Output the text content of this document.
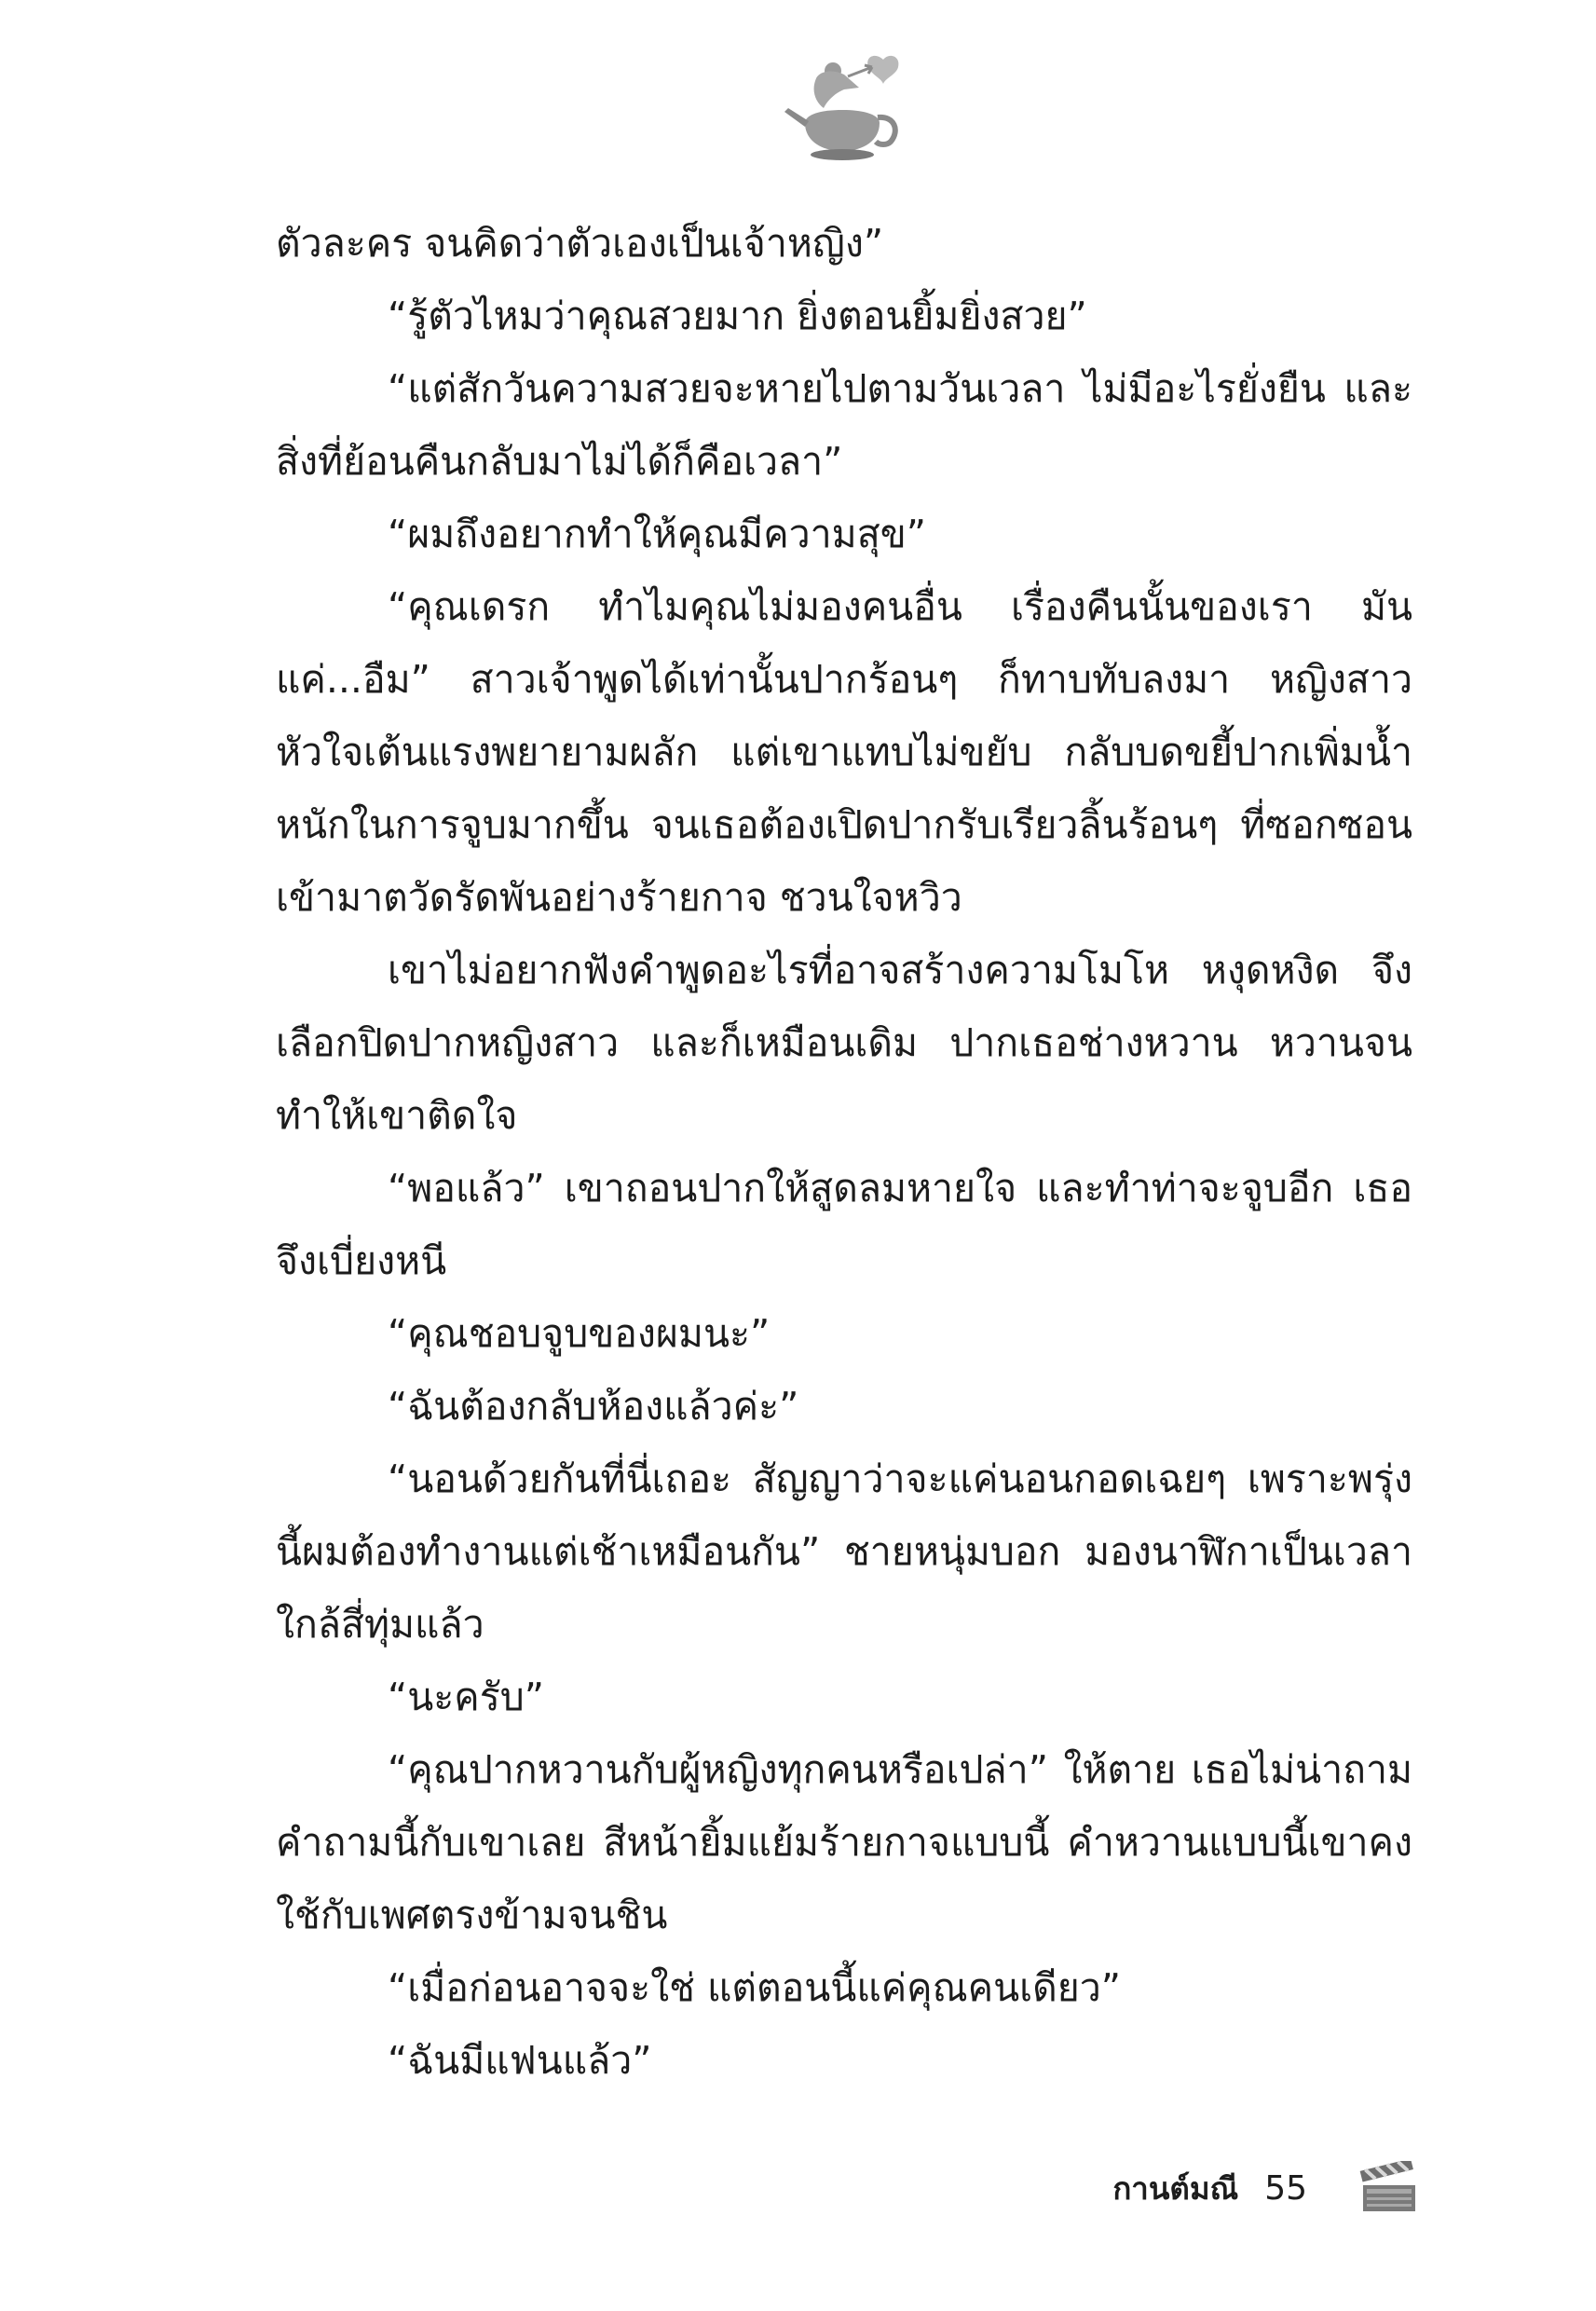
ตัวละคร จนคิดว่าตัวเองเป็นเจ้าหญิง”

“รู้ตัวไหมว่าคุณสวยมาก ยิ่งตอนยิ้มยิ่งสวย”

“แต่สักวันความสวยจะหายไปตามวันเวลา ไม่มีอะไรยั่งยืน และสิ่งที่ย้อนคืนกลับมาไม่ได้ก็คือเวลา”

“ผมถึงอยากทำให้คุณมีความสุข”

“คุณเดรก ทำไมคุณไม่มองคนอื่น เรื่องคืนนั้นของเรา มันแค่...อืม” สาวเจ้าพูดได้เท่านั้นปากร้อนๆ ก็ทาบทับลงมา หญิงสาวหัวใจเต้นแรงพยายามผลัก แต่เขาแทบไม่ขยับ กลับบดขยี้ปากเพิ่มน้ำหนักในการจูบมากขึ้น จนเธอต้องเปิดปากรับเรียวลิ้นร้อนๆ ที่ซอกซอนเข้ามาตวัดรัดพันอย่างร้ายกาจ ชวนใจหวิว

เขาไม่อยากฟังคำพูดอะไรที่อาจสร้างความโมโห หงุดหงิด จึงเลือกปิดปากหญิงสาว และก็เหมือนเดิม ปากเธอช่างหวาน หวานจนทำให้เขาติดใจ

“พอแล้ว” เขาถอนปากให้สูดลมหายใจ และทำท่าจะจูบอีก เธอจึงเบี่ยงหนี

“คุณชอบจูบของผมนะ”

“ฉันต้องกลับห้องแล้วค่ะ”

“นอนด้วยกันที่นี่เถอะ สัญญาว่าจะแค่นอนกอดเฉยๆ เพราะพรุ่งนี้ผมต้องทำงานแต่เช้าเหมือนกัน” ชายหนุ่มบอก มองนาฬิกาเป็นเวลาใกล้สี่ทุ่มแล้ว

“นะครับ”

“คุณปากหวานกับผู้หญิงทุกคนหรือเปล่า” ให้ตาย เธอไม่น่าถามคำถามนี้กับเขาเลย สีหน้ายิ้มแย้มร้ายกาจแบบนี้ คำหวานแบบนี้เขาคงใช้กับเพศตรงข้ามจนชิน

“เมื่อก่อนอาจจะใช่ แต่ตอนนี้แค่คุณคนเดียว”

“ฉันมีแฟนแล้ว”

กานต์มณี 55
